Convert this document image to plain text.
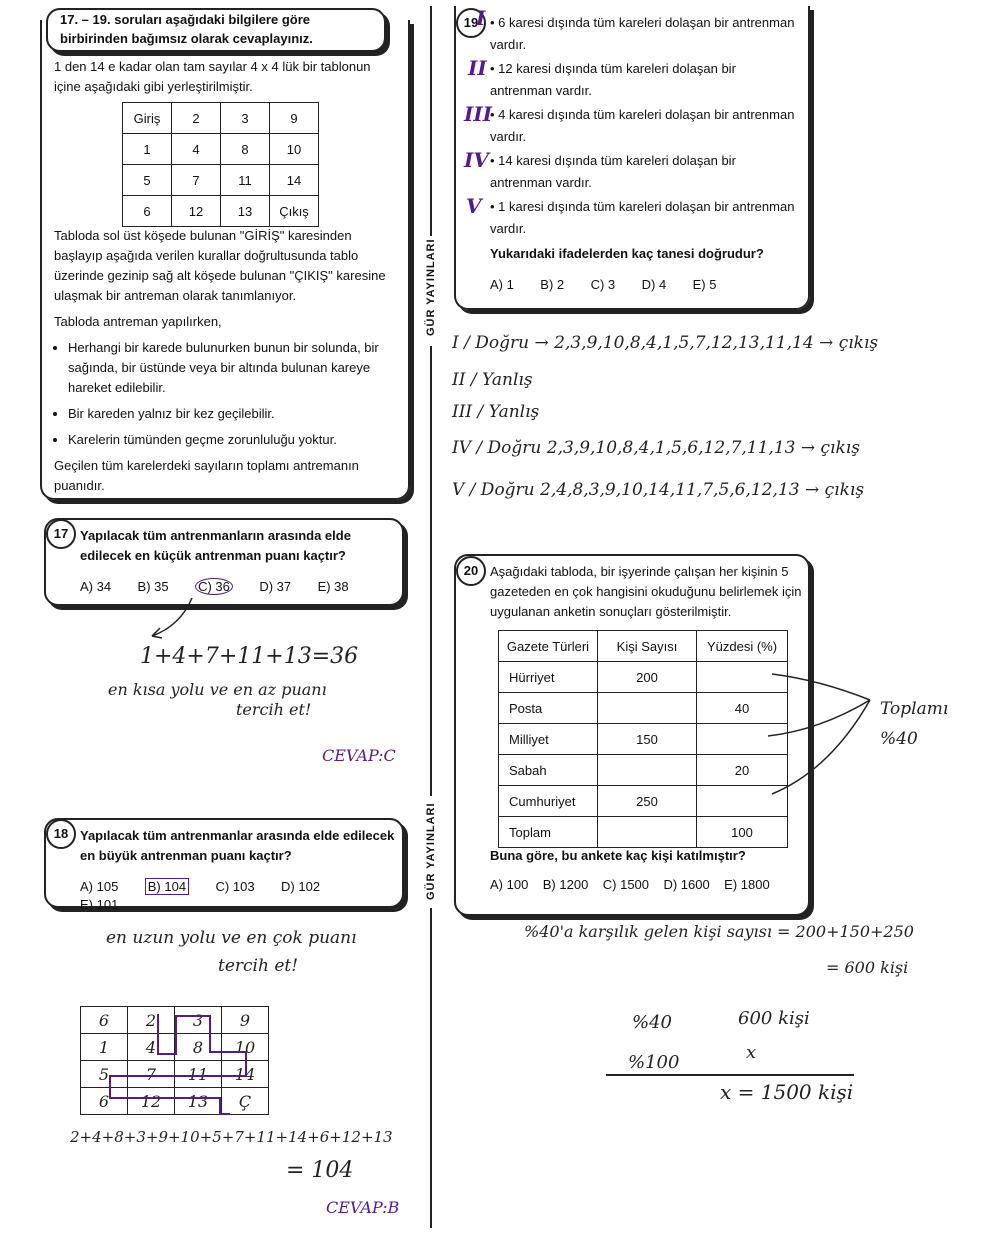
17. – 19. soruları aşağıdaki bilgilere göre birbirinden bağımsız olarak cevaplayınız.
1 den 14 e kadar olan tam sayılar 4 x 4 lük bir tablonun içine aşağıdaki gibi yerleştirilmiştir.
Giriş	2	3	9
1	4	8	10
5	7	11	14
6	12	13	Çıkış
Tabloda sol üst köşede bulunan "GİRİŞ" karesinden başlayıp aşağıda verilen kurallar doğrultusunda tablo üzerinde gezinip sağ alt köşede bulunan "ÇIKIŞ" karesine ulaşmak bir antreman olarak tanımlanıyor.
Tabloda antreman yapılırken,
• Herhangi bir karede bulunurken bunun bir solunda, bir sağında, bir üstünde veya bir altında bulunan kareye hareket edilebilir.
• Bir kareden yalnız bir kez geçilebilir.
• Karelerin tümünden geçme zorunluluğu yoktur.
Geçilen tüm karelerdeki sayıların toplamı antremanın puanıdır.
Yapılacak tüm antrenmanların arasında elde edilecek en küçük antrenman puanı kaçtır?
A) 34 B) 35 C) 36 D) 37 E) 38
17
1+4+7+11+13=36
en kısa yolu ve en az puanı
tercih et!
CEVAP:C
Yapılacak tüm antrenmanlar arasında elde edilecek en büyük antrenman puanı kaçtır?
A) 105 B) 104 C) 103 D) 102 E) 101
18
en uzun yolu ve en çok puanı
tercih et!
6	2	3	9
1	4	8	10
5	7	11	14
6	12	13	Ç
2+4+8+3+9+10+5+7+11+14+6+12+13
= 104
CEVAP:B
GÜR YAYINLARI
GÜR YAYINLARI
19 • 6 karesi dışında tüm kareleri dolaşan bir antrenman vardır.
• 12 karesi dışında tüm kareleri dolaşan bir antrenman vardır.
• 4 karesi dışında tüm kareleri dolaşan bir antrenman vardır.
• 14 karesi dışında tüm kareleri dolaşan bir antrenman vardır.
• 1 karesi dışında tüm kareleri dolaşan bir antrenman vardır.
I
II
III
IV
V
Yukarıdaki ifadelerden kaç tanesi doğrudur?
A) 1 B) 2 C) 3 D) 4 E) 5
I / Doğru → 2,3,9,10,8,4,1,5,7,12,13,11,14 → çıkış
II / Yanlış
III / Yanlış
IV / Doğru 2,3,9,10,8,4,1,5,6,12,7,11,13 → çıkış
V / Doğru 2,4,8,3,9,10,14,11,7,5,6,12,13 → çıkış
Aşağıdaki tabloda, bir işyerinde çalışan her kişinin 5 gazeteden en çok hangisini okuduğunu belirlemek için uygulanan anketin sonuçları gösterilmiştir.
Gazete Türleri	Kişi Sayısı	Yüzdesi (%)
Hürriyet	200	
Posta		40
Milliyet	150	
Sabah		20
Cumhuriyet	250	
Toplam		100
Buna göre, bu ankete kaç kişi katılmıştır?
A) 100 B) 1200 C) 1500 D) 1600 E) 1800
20
Toplamı %40
%40'a karşılık gelen kişi sayısı = 200+150+250
= 600 kişi
%40	600 kişi
%100	x
x = 1500 kişi
